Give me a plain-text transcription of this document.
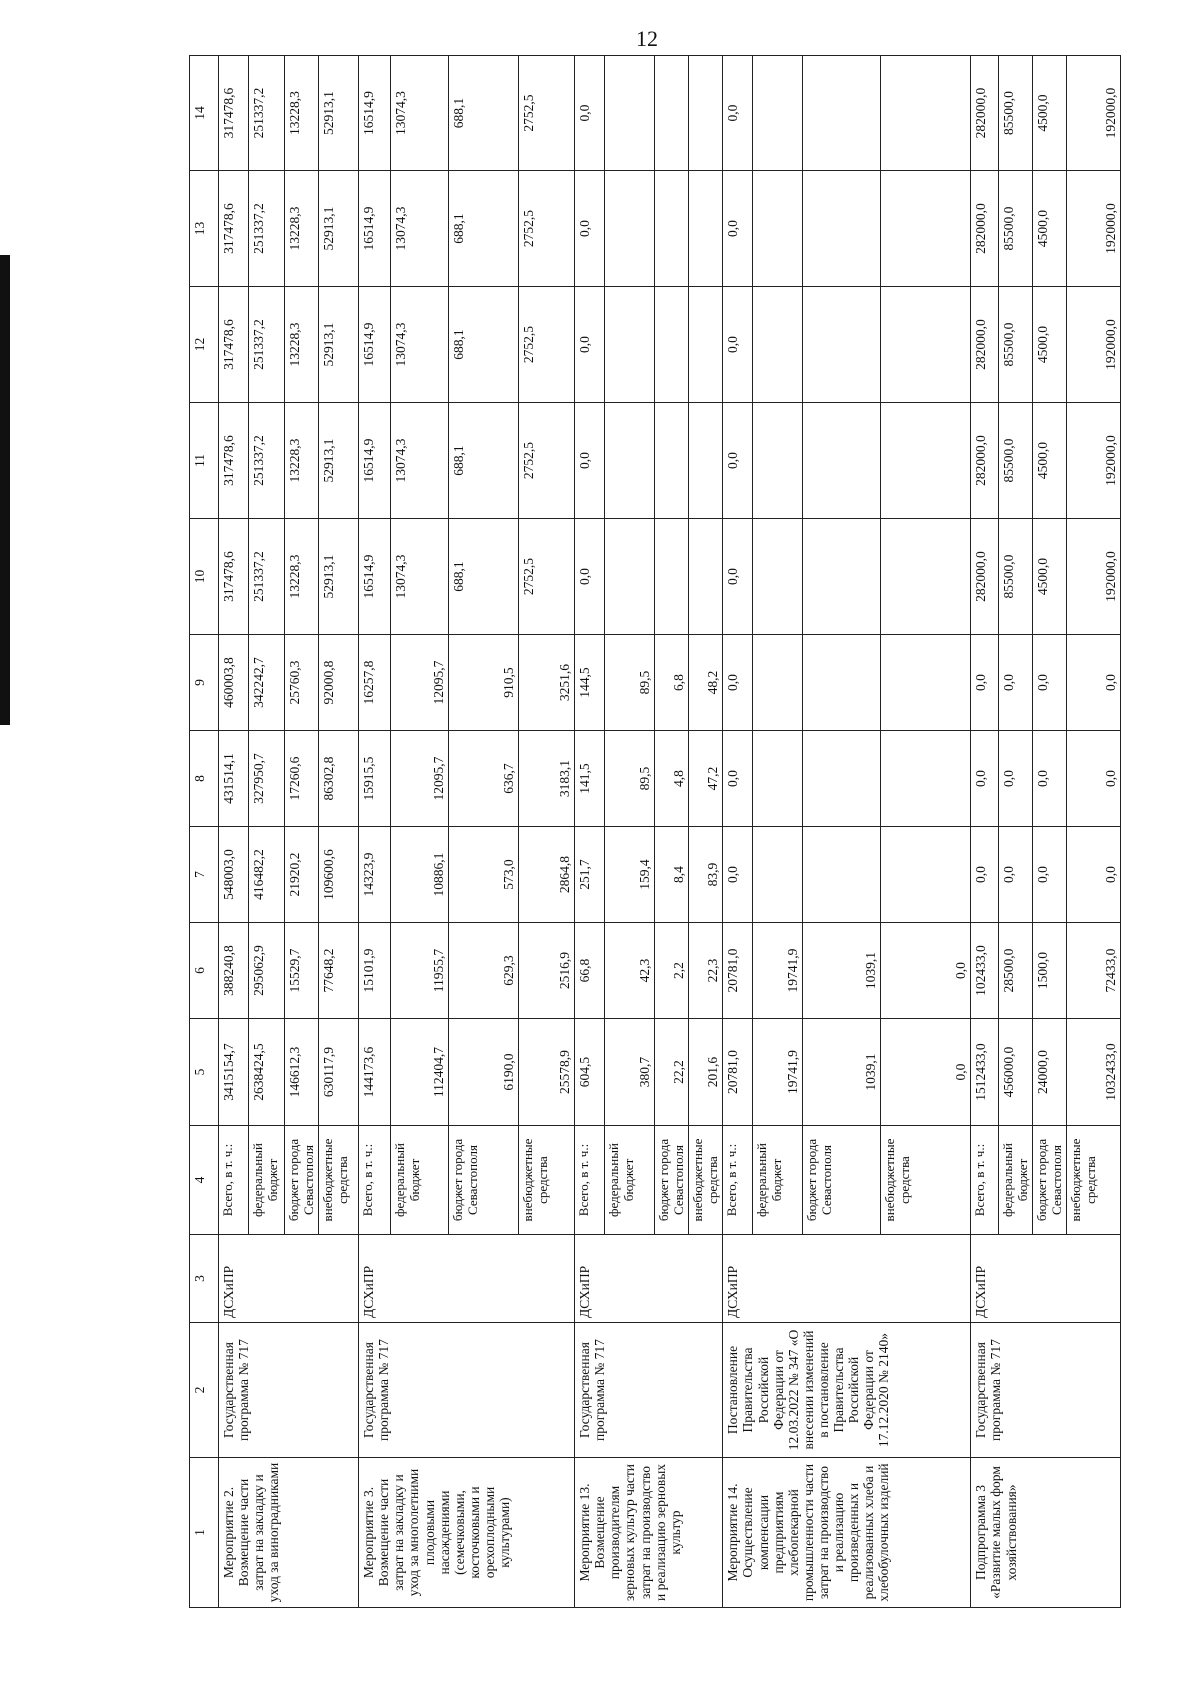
12
1	2	3	4	5	6	7	8	9	10	11	12	13	14
Мероприятие 2. Возмещение части затрат на закладку и уход за виноградниками	Государственная программа № 717	ДСХиПР	Всего, в т. ч.:	3415154,7	388240,8	548003,0	431514,1	460003,8	317478,6	317478,6	317478,6	317478,6	317478,6
			федеральный бюджет	2638424,5	295062,9	416482,2	327950,7	342242,7	251337,2	251337,2	251337,2	251337,2	251337,2
			бюджет города Севастополя	146612,3	15529,7	21920,2	17260,6	25760,3	13228,3	13228,3	13228,3	13228,3	13228,3
			внебюджетные средства	630117,9	77648,2	109600,6	86302,8	92000,8	52913,1	52913,1	52913,1	52913,1	52913,1
Мероприятие 3. Возмещение части затрат на закладку и уход за многолетними плодовыми насаждениями (семечковыми, косточковыми и орехоплодными культурами)	Государственная программа № 717	ДСХиПР	Всего, в т. ч.:	144173,6	15101,9	14323,9	15915,5	16257,8	16514,9	16514,9	16514,9	16514,9	16514,9
			федеральный бюджет	112404,7	11955,7	10886,1	12095,7	12095,7	13074,3	13074,3	13074,3	13074,3	13074,3
			бюджет города Севастополя	6190,0	629,3	573,0	636,7	910,5	688,1	688,1	688,1	688,1	688,1
			внебюджетные средства	25578,9	2516,9	2864,8	3183,1	3251,6	2752,5	2752,5	2752,5	2752,5	2752,5
Мероприятие 13. Возмещение производителям зерновых культур части затрат на производство и реализацию зерновых культур	Государственная программа № 717	ДСХиПР	Всего, в т. ч.:	604,5	66,8	251,7	141,5	144,5	0,0	0,0	0,0	0,0	0,0
			федеральный бюджет	380,7	42,3	159,4	89,5	89,5					
			бюджет города Севастополя	22,2	2,2	8,4	4,8	6,8					
			внебюджетные средства	201,6	22,3	83,9	47,2	48,2					
Мероприятие 14. Осуществление компенсации предприятиям хлебопекарной промышленности части затрат на производство и реализацию произведенных и реализованных хлеба и хлебобулочных изделий	Постановление Правительства Российской Федерации от 12.03.2022 № 347 «О внесении изменений в постановление Правительства Российской Федерации от 17.12.2020 № 2140»	ДСХиПР	Всего, в т. ч.:	20781,0	20781,0	0,0	0,0	0,0	0,0	0,0	0,0	0,0	0,0
			федеральный бюджет	19741,9	19741,9								
			бюджет города Севастополя	1039,1	1039,1								
			внебюджетные средства	0,0	0,0								
Подпрограмма 3 «Развитие малых форм хозяйствования»	Государственная программа № 717	ДСХиПР	Всего, в т. ч.:	1512433,0	102433,0	0,0	0,0	0,0	282000,0	282000,0	282000,0	282000,0	282000,0
			федеральный бюджет	456000,0	28500,0	0,0	0,0	0,0	85500,0	85500,0	85500,0	85500,0	85500,0
			бюджет города Севастополя	24000,0	1500,0	0,0	0,0	0,0	4500,0	4500,0	4500,0	4500,0	4500,0
			внебюджетные средства	1032433,0	72433,0	0,0	0,0	0,0	192000,0	192000,0	192000,0	192000,0	192000,0
